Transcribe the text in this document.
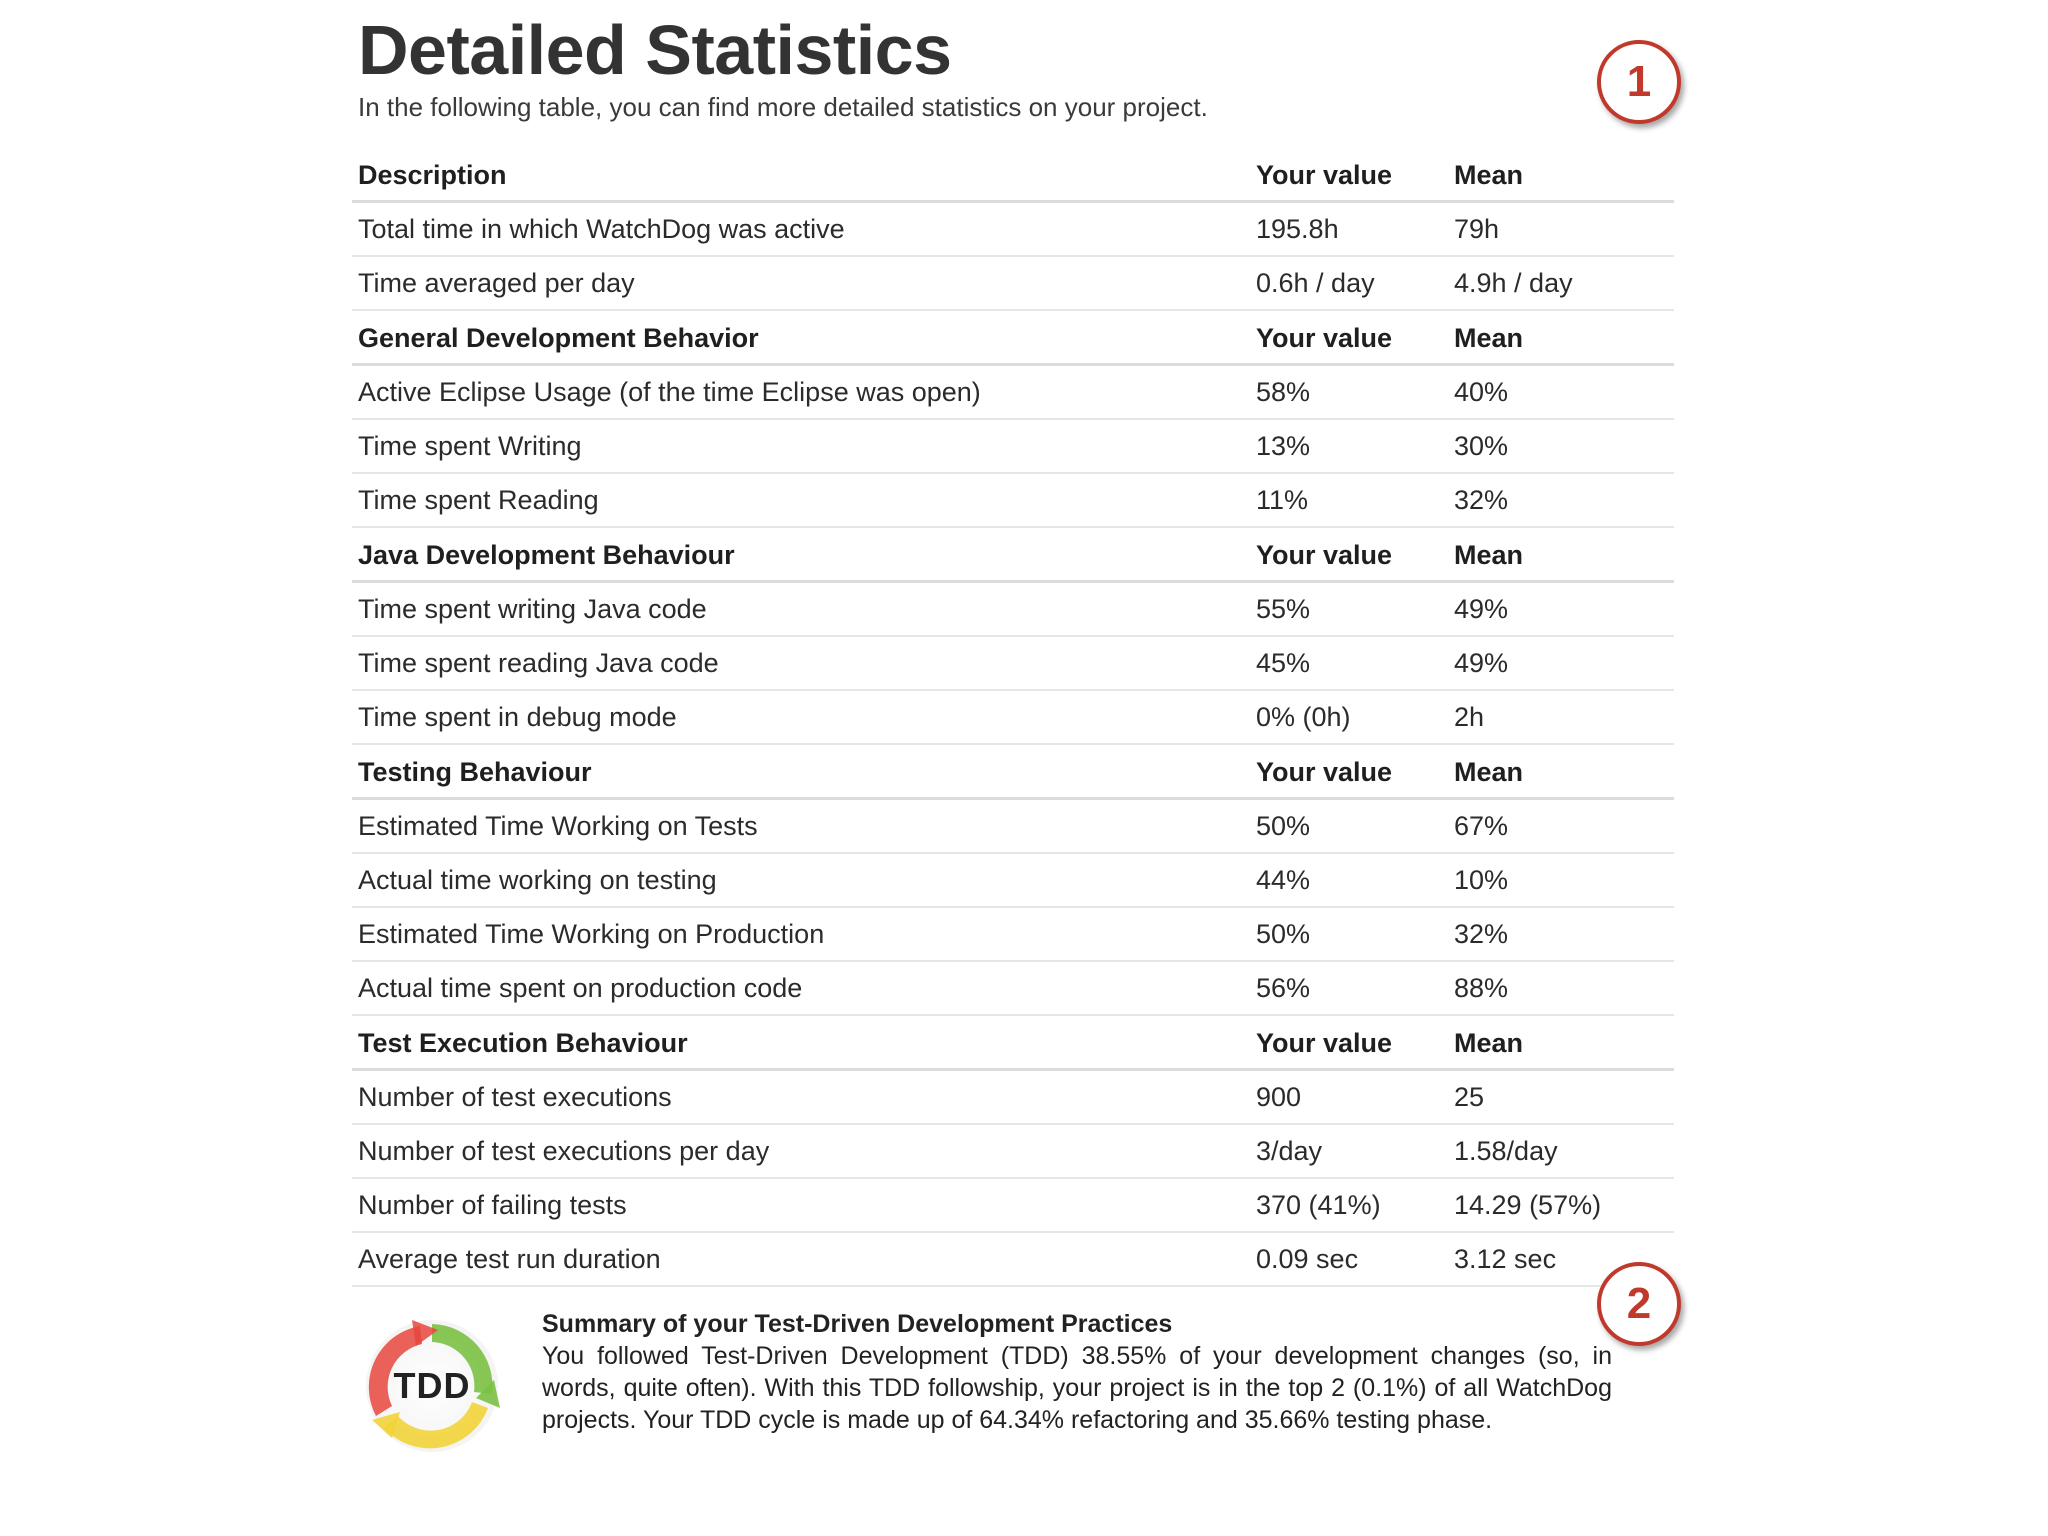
Detailed Statistics
In the following table, you can find more detailed statistics on your project.
1
Description	Your value Mean
Total time in which WatchDog was active	195.8h	79h
Time averaged per day	0.6h / day	4.9h / day
General Development Behavior	Your value Mean
Active Eclipse Usage (of the time Eclipse was open)	58%	40%
Time spent Writing	13%	30%
Time spent Reading	11%	32%
Java Development Behaviour	Your value Mean
Time spent writing Java code	55%	49%
Time spent reading Java code	45%	49%
Time spent in debug mode	0% (0h)	2h
Testing Behaviour	Your value Mean
Estimated Time Working on Tests	50%	67%
Actual time working on testing	44%	10%
Estimated Time Working on Production	50%	32%
Actual time spent on production code	56%	88%
Test Execution Behaviour	Your value Mean
Number of test executions	900	25
Number of test executions per day	3/day	1.58/day
Number of failing tests	370 (41%)	14.29 (57%)
Average test run duration	0.09 sec	3.12 sec
2
TDD
Summary of your Test-Driven Development Practices
You followed Test-Driven Development (TDD) 38.55% of your development changes (so, in words, quite often). With this TDD followship, your project is in the top 2 (0.1%) of all WatchDog projects. Your TDD cycle is made up of 64.34% refactoring and 35.66% testing phase.
